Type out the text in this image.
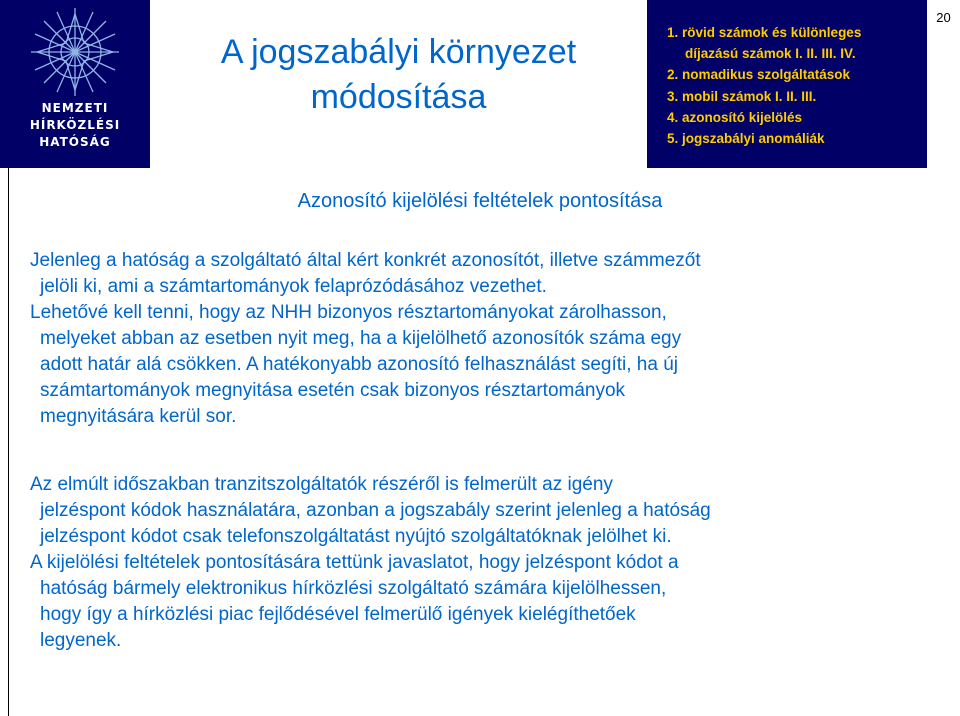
NEMZETI
HÍRKÖZLÉSI
HATÓSÁG
A jogszabályi környezet
módosítása
1. rövid számok és különleges
díjazású számok I. II. III. IV.
2. nomadikus szolgáltatások
3. mobil számok I. II. III.
4. azonosító kijelölés
5. jogszabályi anomáliák
20
Azonosító kijelölési feltételek pontosítása
Jelenleg a hatóság a szolgáltató által kért konkrét azonosítót, illetve számmezőt
jelöli ki, ami a számtartományok felaprózódásához vezethet.
Lehetővé kell tenni, hogy az NHH bizonyos résztartományokat zárolhasson,
melyeket abban az esetben nyit meg, ha a kijelölhető azonosítók száma egy
adott határ alá csökken. A hatékonyabb azonosító felhasználást segíti, ha új
számtartományok megnyitása esetén csak bizonyos résztartományok
megnyitására kerül sor.
Az elmúlt időszakban tranzitszolgáltatók részéről is felmerült az igény
jelzéspont kódok használatára, azonban a jogszabály szerint jelenleg a hatóság
jelzéspont kódot csak telefonszolgáltatást nyújtó szolgáltatóknak jelölhet ki.
A kijelölési feltételek pontosítására tettünk javaslatot, hogy jelzéspont kódot a
hatóság bármely elektronikus hírközlési szolgáltató számára kijelölhessen,
hogy így a hírközlési piac fejlődésével felmerülő igények kielégíthetőek
legyenek.
